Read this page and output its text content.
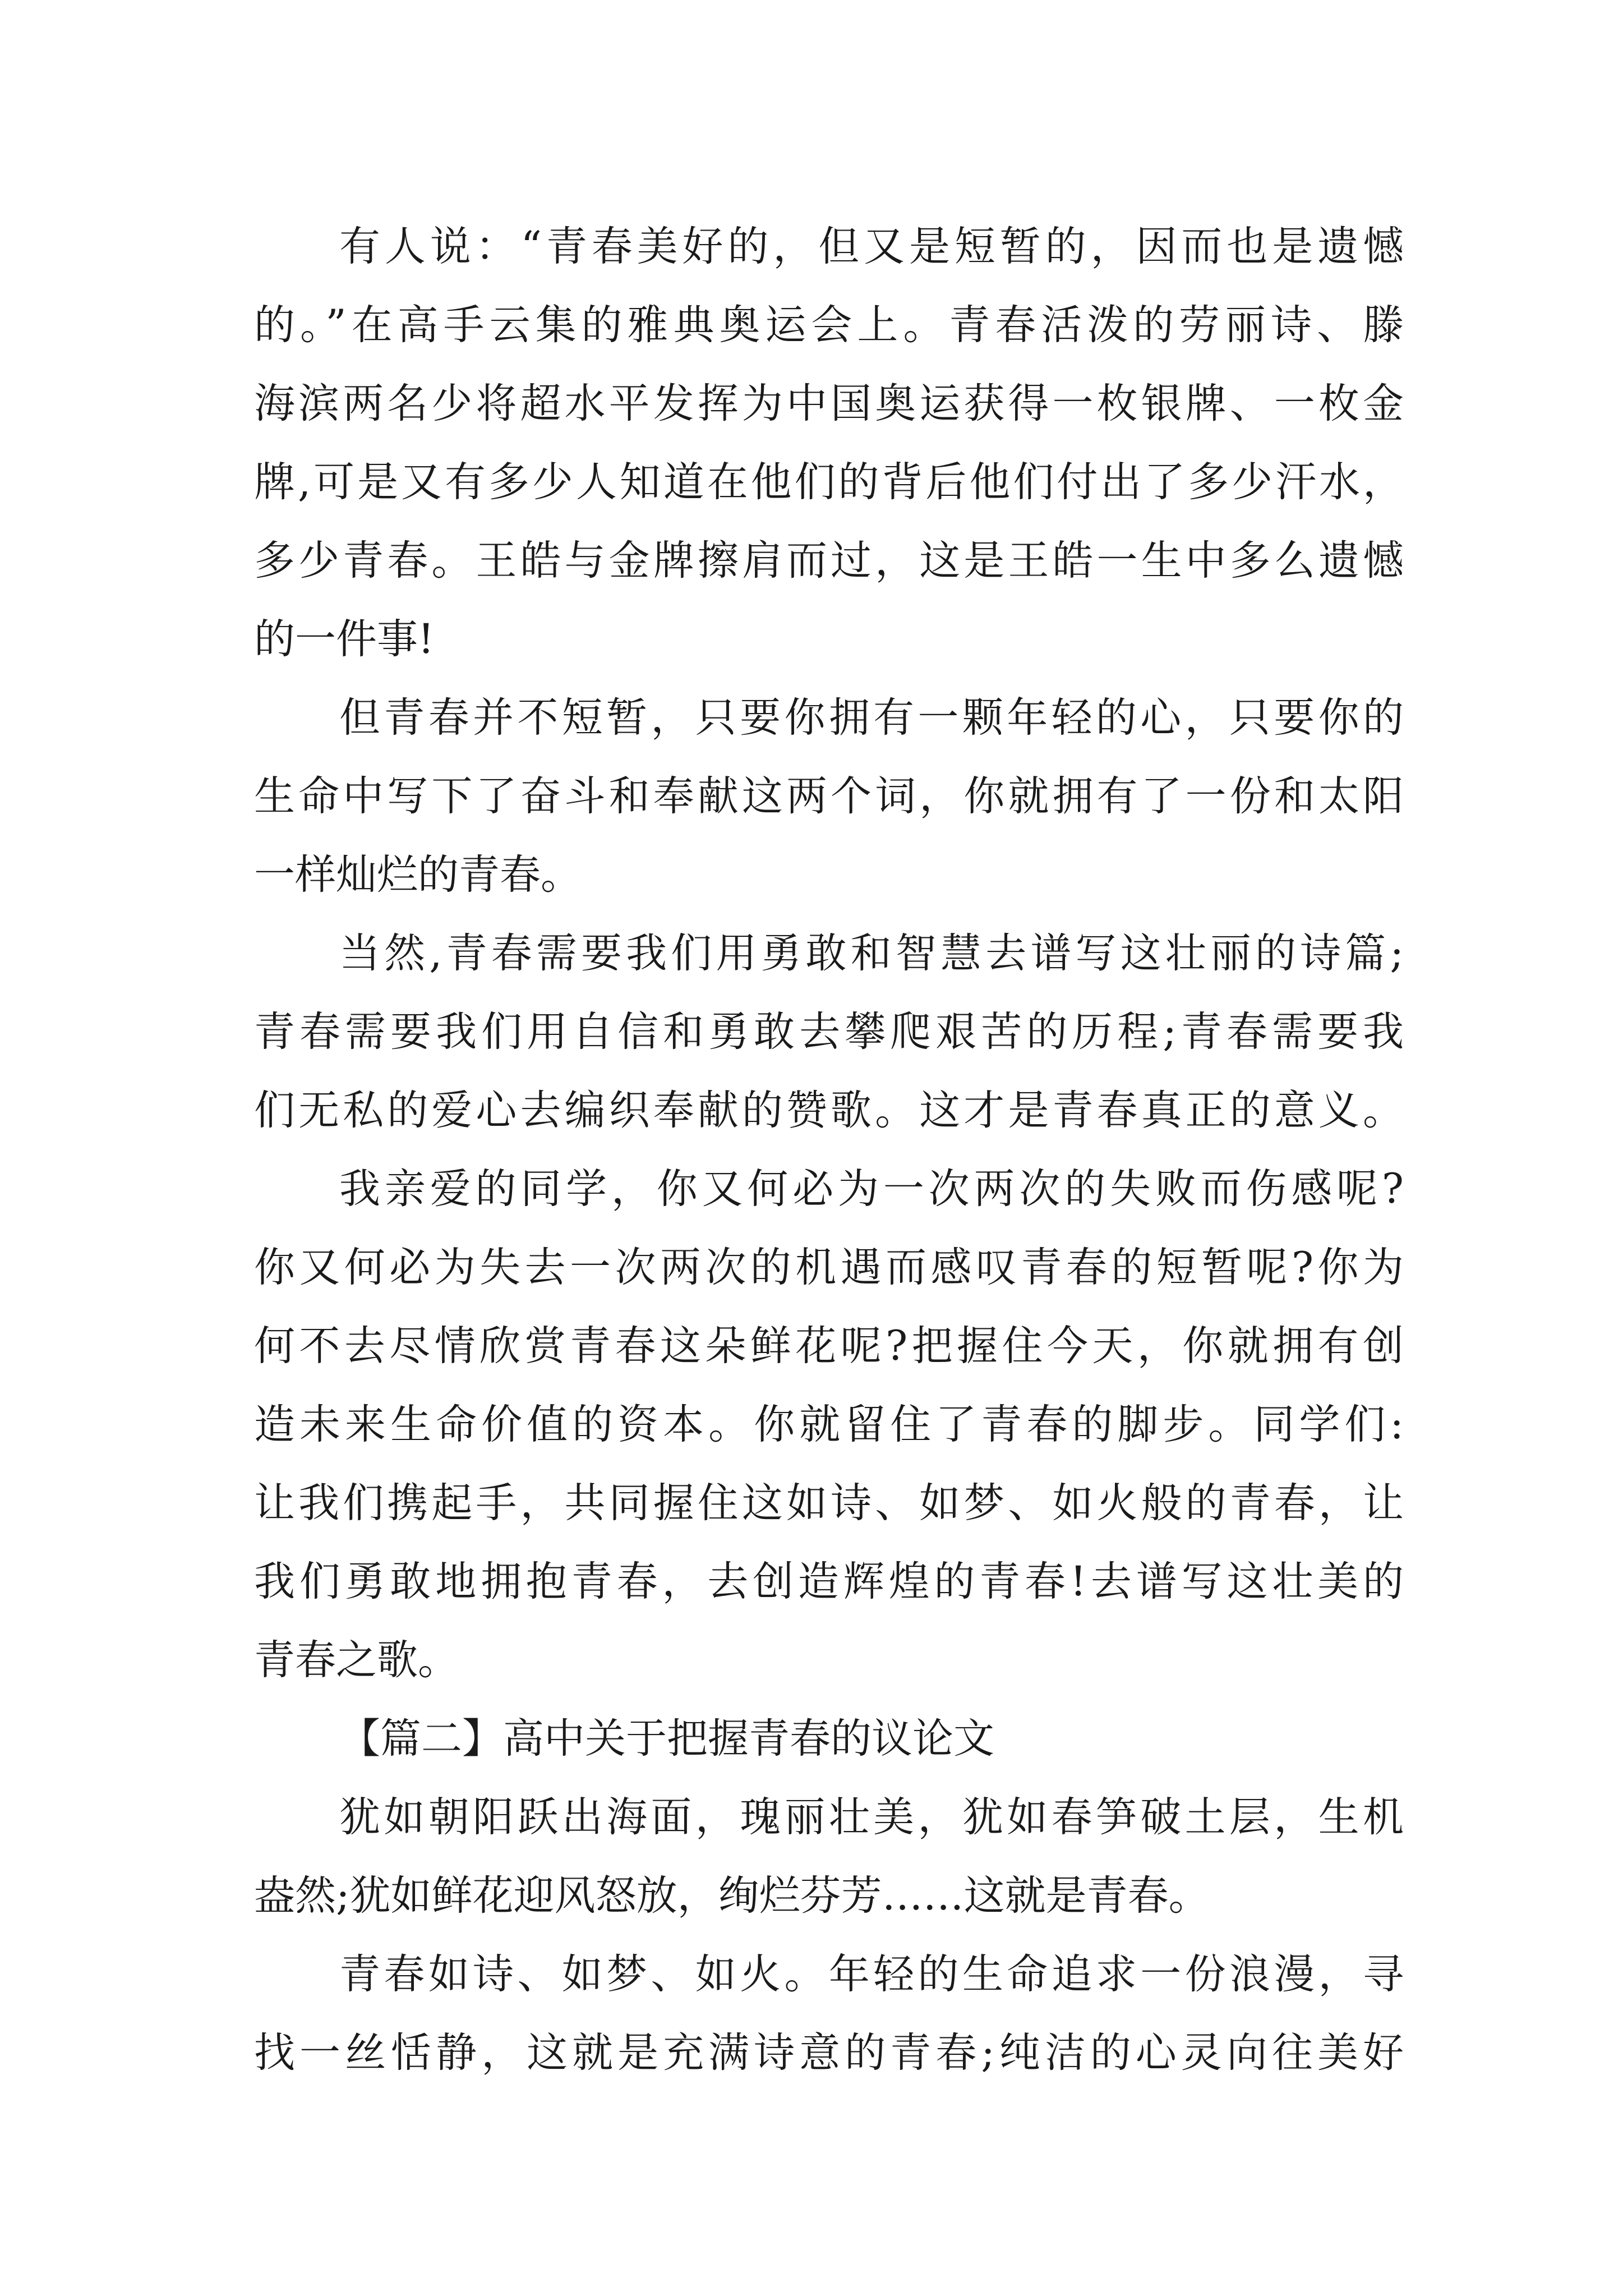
有人说：“青春美好的，但又是短暂的，因而也是遗憾
的。”在高手云集的雅典奥运会上。青春活泼的劳丽诗、滕
海滨两名少将超水平发挥为中国奥运获得一枚银牌、一枚金
牌,可是又有多少人知道在他们的背后他们付出了多少汗水，
多少青春。王皓与金牌擦肩而过，这是王皓一生中多么遗憾
的一件事!
但青春并不短暂，只要你拥有一颗年轻的心，只要你的
生命中写下了奋斗和奉献这两个词，你就拥有了一份和太阳
一样灿烂的青春。
当然,青春需要我们用勇敢和智慧去谱写这壮丽的诗篇;
青春需要我们用自信和勇敢去攀爬艰苦的历程;青春需要我
们无私的爱心去编织奉献的赞歌。这才是青春真正的意义。
我亲爱的同学，你又何必为一次两次的失败而伤感呢?
你又何必为失去一次两次的机遇而感叹青春的短暂呢?你为
何不去尽情欣赏青春这朵鲜花呢?把握住今天，你就拥有创
造未来生命价值的资本。你就留住了青春的脚步。同学们:
让我们携起手，共同握住这如诗、如梦、如火般的青春，让
我们勇敢地拥抱青春，去创造辉煌的青春!去谱写这壮美的
青春之歌。
【篇二】高中关于把握青春的议论文
犹如朝阳跃出海面，瑰丽壮美，犹如春笋破土层，生机
盎然;犹如鲜花迎风怒放，绚烂芬芳……这就是青春。
青春如诗、如梦、如火。年轻的生命追求一份浪漫，寻
找一丝恬静，这就是充满诗意的青春;纯洁的心灵向往美好
